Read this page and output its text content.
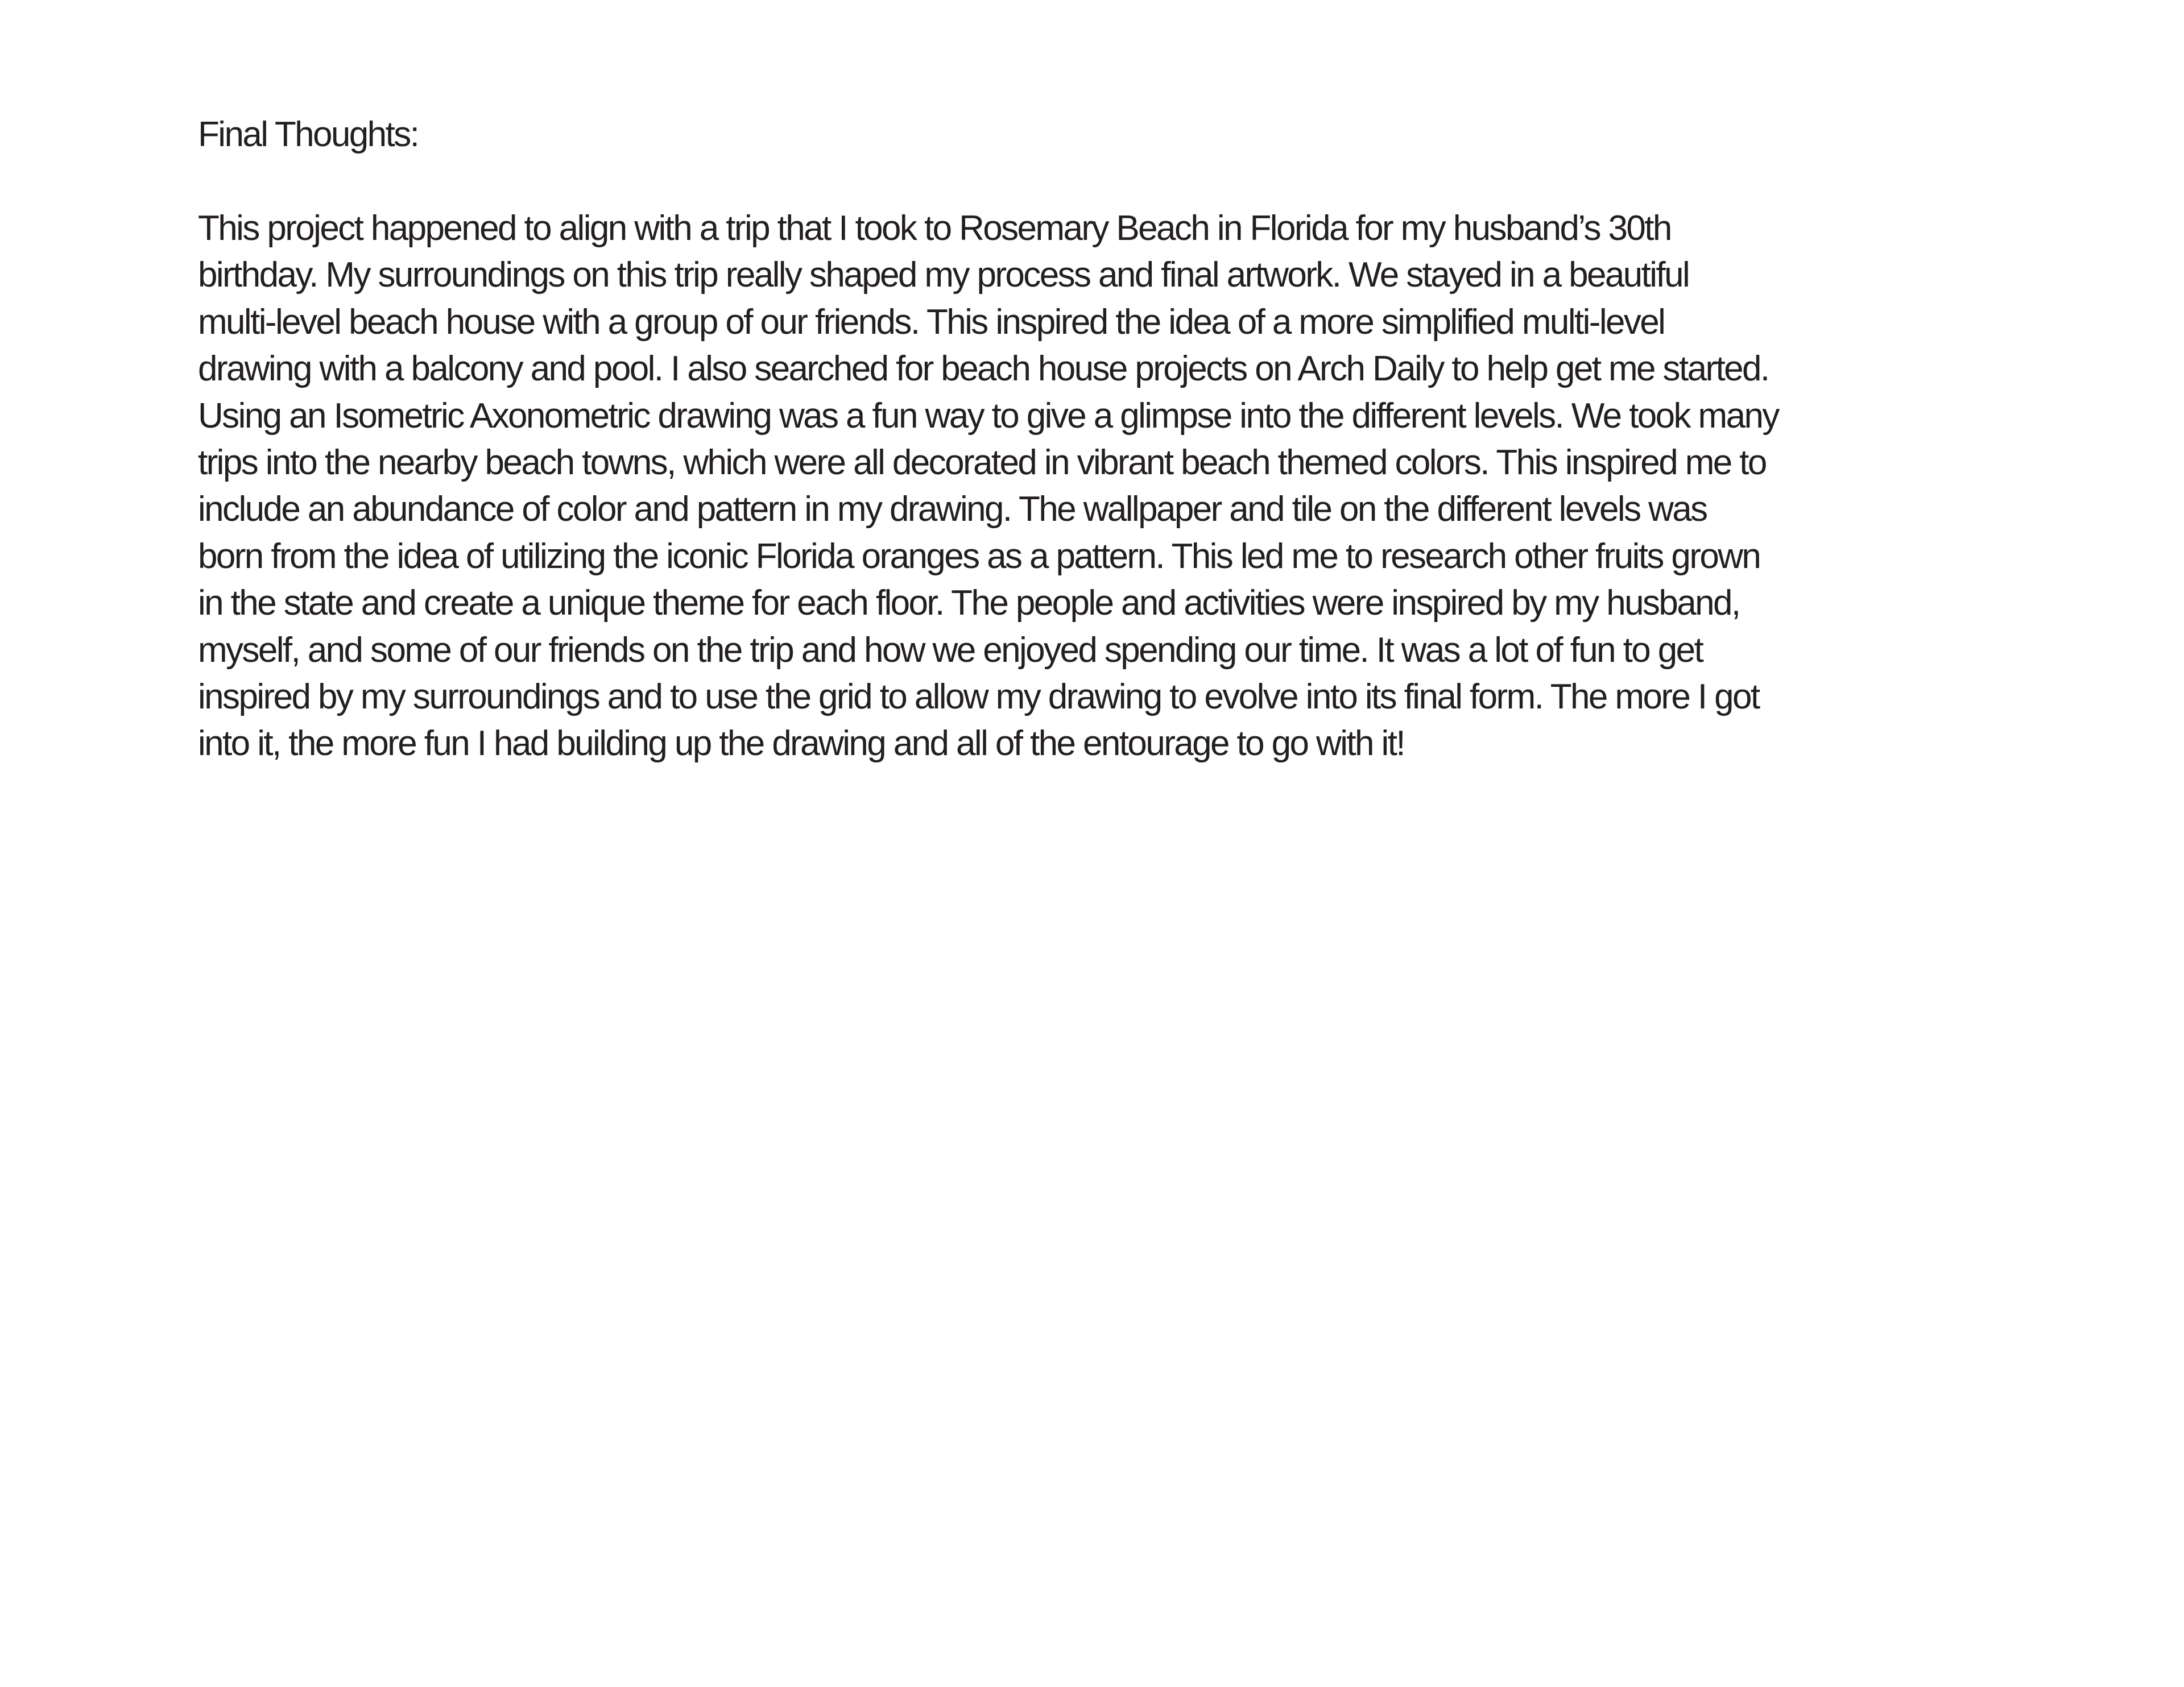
Final Thoughts:
This project happened to align with a trip that I took to Rosemary Beach in Florida for my husband’s 30th
birthday. My surroundings on this trip really shaped my process and final artwork. We stayed in a beautiful
multi-level beach house with a group of our friends. This inspired the idea of a more simplified multi-level
drawing with a balcony and pool. I also searched for beach house projects on Arch Daily to help get me started.
Using an Isometric Axonometric drawing was a fun way to give a glimpse into the different levels. We took many
trips into the nearby beach towns, which were all decorated in vibrant beach themed colors. This inspired me to
include an abundance of color and pattern in my drawing. The wallpaper and tile on the different levels was
born from the idea of utilizing the iconic Florida oranges as a pattern. This led me to research other fruits grown
in the state and create a unique theme for each floor. The people and activities were inspired by my husband,
myself, and some of our friends on the trip and how we enjoyed spending our time. It was a lot of fun to get
inspired by my surroundings and to use the grid to allow my drawing to evolve into its final form. The more I got
into it, the more fun I had building up the drawing and all of the entourage to go with it!
